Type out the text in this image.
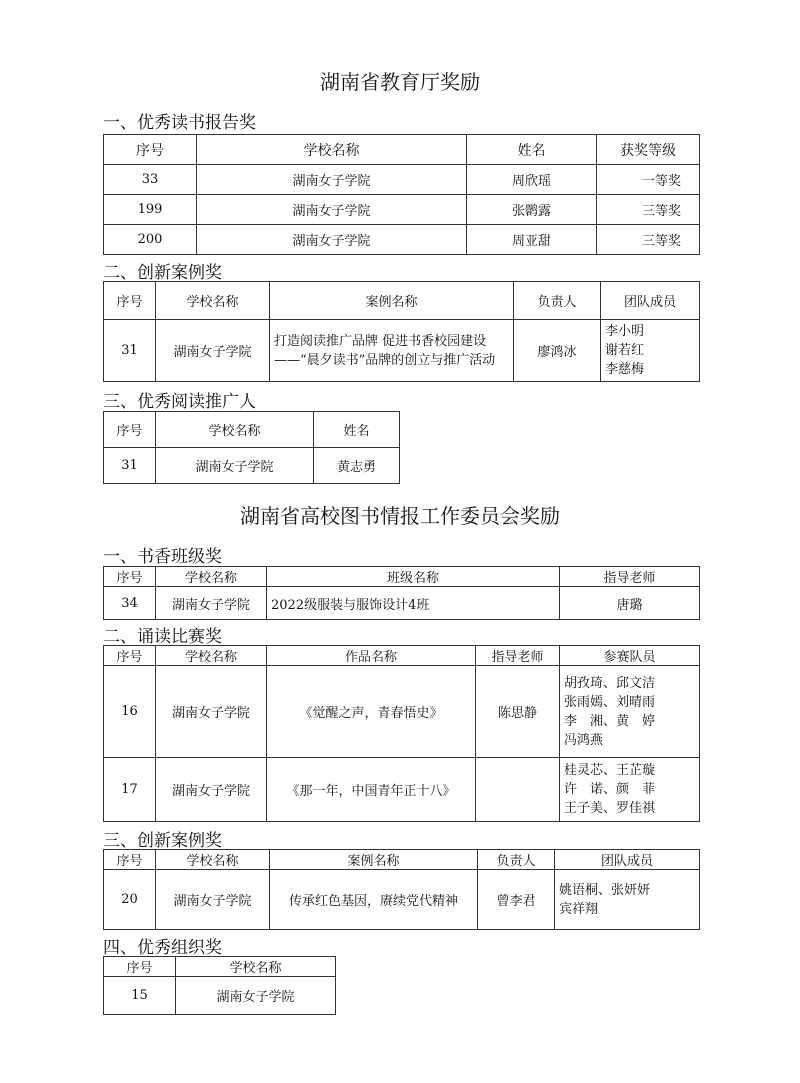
湖南省教育厅奖励
一、优秀读书报告奖
序号	学校名称	姓名	获奖等级
33	湖南女子学院	周欣瑶	一等奖
199	湖南女子学院	张鹮露	三等奖
200	湖南女子学院	周亚甜	三等奖
二、创新案例奖
序号	学校名称	案例名称	负责人	团队成员
31	湖南女子学院	打造阅读推广品牌 促进书香校园建设——“晨夕读书”品牌的创立与推广活动	廖鸿冰	李小明
谢若红
李慈梅
三、优秀阅读推广人
序号	学校名称	姓名
31	湖南女子学院	黄志勇
湖南省高校图书情报工作委员会奖励
一、书香班级奖
序号	学校名称	班级名称	指导老师
34	湖南女子学院	2022级服装与服饰设计4班	唐璐
二、诵读比赛奖
序号	学校名称	作品名称	指导老师	参赛队员
16	湖南女子学院	《觉醒之声，青春悟史》	陈思静	胡孜琦、邱文洁
张雨嫣、刘晴雨
李　湘、黄　婷
冯鸿燕
17	湖南女子学院	《那一年，中国青年正十八》		桂灵芯、王芷璇
许　诺、颜　菲
王子美、罗佳祺
三、创新案例奖
序号	学校名称	案例名称	负责人	团队成员
20	湖南女子学院	传承红色基因，赓续党代精神	曾李君	姚语桐、张妍妍
宾祥翔
四、优秀组织奖
序号	学校名称
15	湖南女子学院
